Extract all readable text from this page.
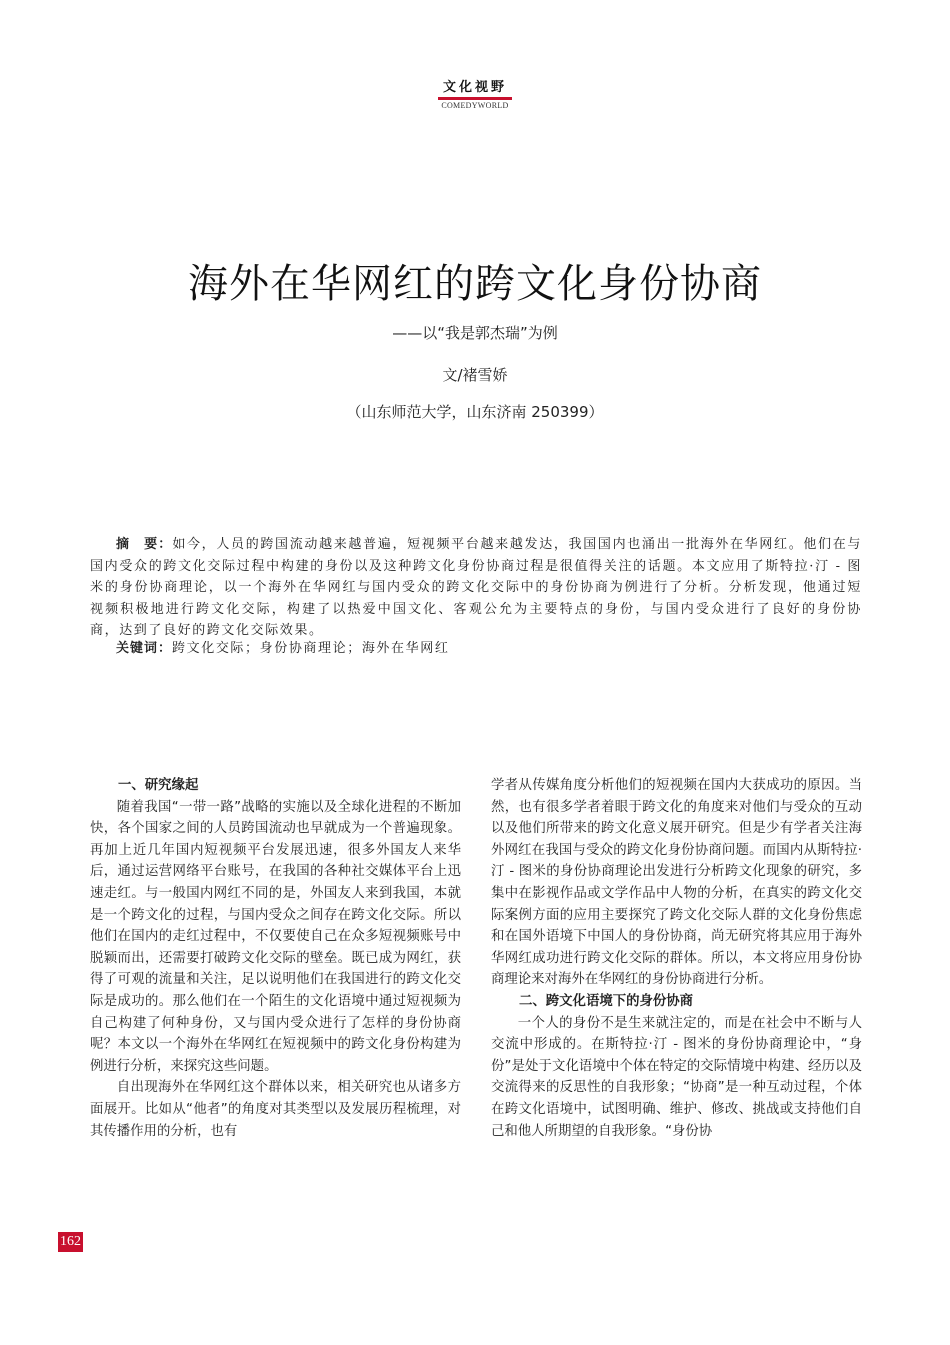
文化视野
COMEDYWORLD
海外在华网红的跨文化身份协商
——以“我是郭杰瑞”为例
文/褚雪娇
（山东师范大学，山东济南 250399）
摘　要：如今，人员的跨国流动越来越普遍，短视频平台越来越发达，我国国内也涌出一批海外在华网红。他们在与国内受众的跨文化交际过程中构建的身份以及这种跨文化身份协商过程是很值得关注的话题。本文应用了斯特拉·汀 - 图米的身份协商理论，以一个海外在华网红与国内受众的跨文化交际中的身份协商为例进行了分析。分析发现，他通过短视频积极地进行跨文化交际，构建了以热爱中国文化、客观公允为主要特点的身份，与国内受众进行了良好的身份协商，达到了良好的跨文化交际效果。
关键词：跨文化交际；身份协商理论；海外在华网红
一、研究缘起

随着我国“一带一路”战略的实施以及全球化进程的不断加快，各个国家之间的人员跨国流动也早就成为一个普遍现象。再加上近几年国内短视频平台发展迅速，很多外国友人来华后，通过运营网络平台账号，在我国的各种社交媒体平台上迅速走红。与一般国内网红不同的是，外国友人来到我国，本就是一个跨文化的过程，与国内受众之间存在跨文化交际。所以他们在国内的走红过程中，不仅要使自己在众多短视频账号中脱颖而出，还需要打破跨文化交际的壁垒。既已成为网红，获得了可观的流量和关注，足以说明他们在我国进行的跨文化交际是成功的。那么他们在一个陌生的文化语境中通过短视频为自己构建了何种身份，又与国内受众进行了怎样的身份协商呢？本文以一个海外在华网红在短视频中的跨文化身份构建为例进行分析，来探究这些问题。

自出现海外在华网红这个群体以来，相关研究也从诸多方面展开。比如从“他者”的角度对其类型以及发展历程梳理，对其传播作用的分析，也有

学者从传媒角度分析他们的短视频在国内大获成功的原因。当然，也有很多学者着眼于跨文化的角度来对他们与受众的互动以及他们所带来的跨文化意义展开研究。但是少有学者关注海外网红在我国与受众的跨文化身份协商问题。而国内从斯特拉·汀 - 图米的身份协商理论出发进行分析跨文化现象的研究，多集中在影视作品或文学作品中人物的分析，在真实的跨文化交际案例方面的应用主要探究了跨文化交际人群的文化身份焦虑和在国外语境下中国人的身份协商，尚无研究将其应用于海外华网红成功进行跨文化交际的群体。所以，本文将应用身份协商理论来对海外在华网红的身份协商进行分析。

二、跨文化语境下的身份协商

一个人的身份不是生来就注定的，而是在社会中不断与人交流中形成的。在斯特拉·汀 - 图米的身份协商理论中，“身份”是处于文化语境中个体在特定的交际情境中构建、经历以及交流得来的反思性的自我形象；“协商”是一种互动过程，个体在跨文化语境中，试图明确、维护、修改、挑战或支持他们自己和他人所期望的自我形象。“身份协

162
